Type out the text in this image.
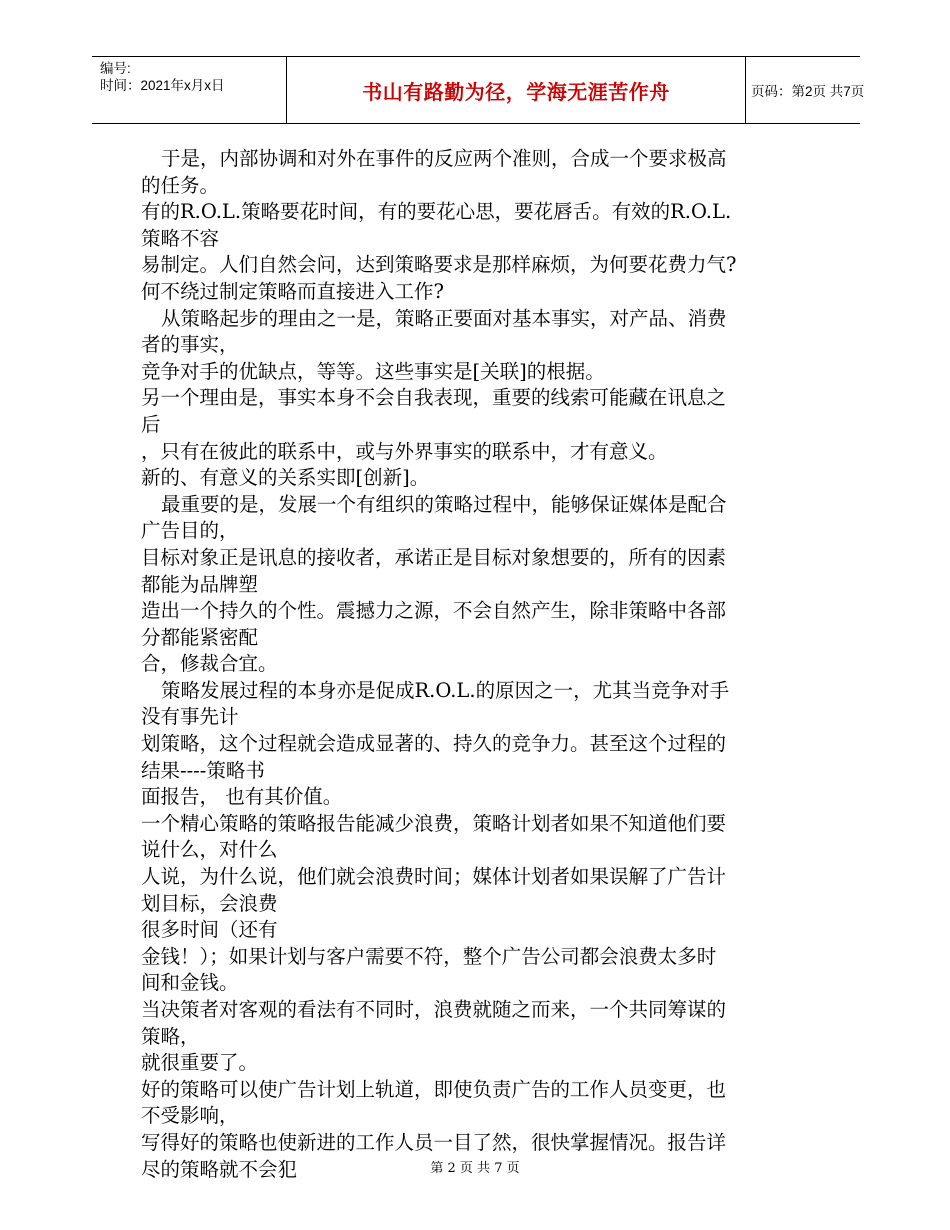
编号:
时间：2021年x月x日	书山有路勤为径，学海无涯苦作舟	页码：第2页 共7页
于是，内部协调和对外在事件的反应两个准则，合成一个要求极高
的任务。
有的R.O.L.策略要花时间，有的要花心思，要花唇舌。有效的R.O.L.
策略不容
易制定。人们自然会问，达到策略要求是那样麻烦，为何要花费力气?
何不绕过制定策略而直接进入工作?
从策略起步的理由之一是，策略正要面对基本事实，对产品、消费
者的事实，
竞争对手的优缺点，等等。这些事实是[关联]的根据。
另一个理由是，事实本身不会自我表现，重要的线索可能藏在讯息之
后
，只有在彼此的联系中，或与外界事实的联系中，才有意义。
新的、有意义的关系实即[创新]。
最重要的是，发展一个有组织的策略过程中，能够保证媒体是配合
广告目的，
目标对象正是讯息的接收者，承诺正是目标对象想要的，所有的因素
都能为品牌塑
造出一个持久的个性。震撼力之源，不会自然产生，除非策略中各部
分都能紧密配
合，修裁合宜。
策略发展过程的本身亦是促成R.O.L.的原因之一，尤其当竞争对手
没有事先计
划策略，这个过程就会造成显著的、持久的竞争力。甚至这个过程的
结果----策略书
面报告， 也有其价值。
一个精心策略的策略报告能减少浪费，策略计划者如果不知道他们要
说什么，对什么
人说，为什么说，他们就会浪费时间；媒体计划者如果误解了广告计
划目标，会浪费
很多时间（还有
金钱！）；如果计划与客户需要不符，整个广告公司都会浪费太多时
间和金钱。
当决策者对客观的看法有不同时，浪费就随之而来，一个共同筹谋的
策略，
就很重要了。
好的策略可以使广告计划上轨道，即使负责广告的工作人员变更，也
不受影响，
写得好的策略也使新进的工作人员一目了然，很快掌握情况。报告详
尽的策略就不会犯	第 2 页 共 7 页
